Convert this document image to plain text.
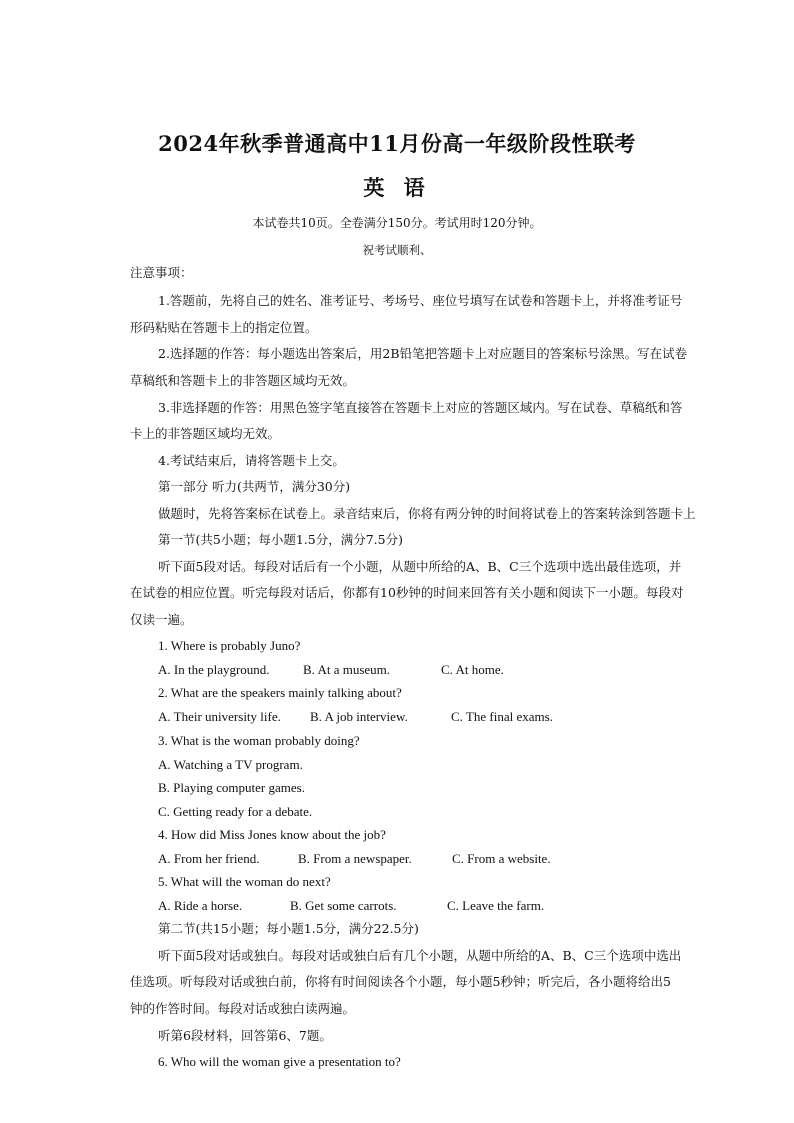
2024年秋季普通高中11月份高一年级阶段性联考
英 语
本试卷共10页。全卷满分150分。考试用时120分钟。
祝考试顺利、
注意事项：
1.答题前，先将自己的姓名、准考证号、考场号、座位号填写在试卷和答题卡上，并将准考证号
形码粘贴在答题卡上的指定位置。
2.选择题的作答：每小题选出答案后，用2B铅笔把答题卡上对应题目的答案标号涂黑。写在试卷
草稿纸和答题卡上的非答题区域均无效。
3.非选择题的作答：用黑色签字笔直接答在答题卡上对应的答题区域内。写在试卷、草稿纸和答
卡上的非答题区域均无效。
4.考试结束后，请将答题卡上交。
第一部分 听力(共两节，满分30分)
做题时，先将答案标在试卷上。录音结束后，你将有两分钟的时间将试卷上的答案转涂到答题卡上
第一节(共5小题；每小题1.5分，满分7.5分)
听下面5段对话。每段对话后有一个小题，从题中所给的A、B、C三个选项中选出最佳选项，并
在试卷的相应位置。听完每段对话后，你都有10秒钟的时间来回答有关小题和阅读下一小题。每段对
仅读一遍。
1. Where is probably Juno?
A. In the playground.	B. At a museum.	C. At home.
2. What are the speakers mainly talking about?
A. Their university life. B. A job interview.	C. The final exams.
3. What is the woman probably doing?
A. Watching a TV program.
B. Playing computer games.
C. Getting ready for a debate.
4. How did Miss Jones know about the job?
A. From her friend.	B. From a newspaper.	C. From a website.
5. What will the woman do next?
A. Ride a horse.	B. Get some carrots.	C. Leave the farm.
第二节(共15小题；每小题1.5分，满分22.5分)
听下面5段对话或独白。每段对话或独白后有几个小题，从题中所给的A、B、C三个选项中选出
佳选项。听每段对话或独白前，你将有时间阅读各个小题，每小题5秒钟；听完后，各小题将给出5
钟的作答时间。每段对话或独白读两遍。
听第6段材料，回答第6、7题。
6. Who will the woman give a presentation to?
